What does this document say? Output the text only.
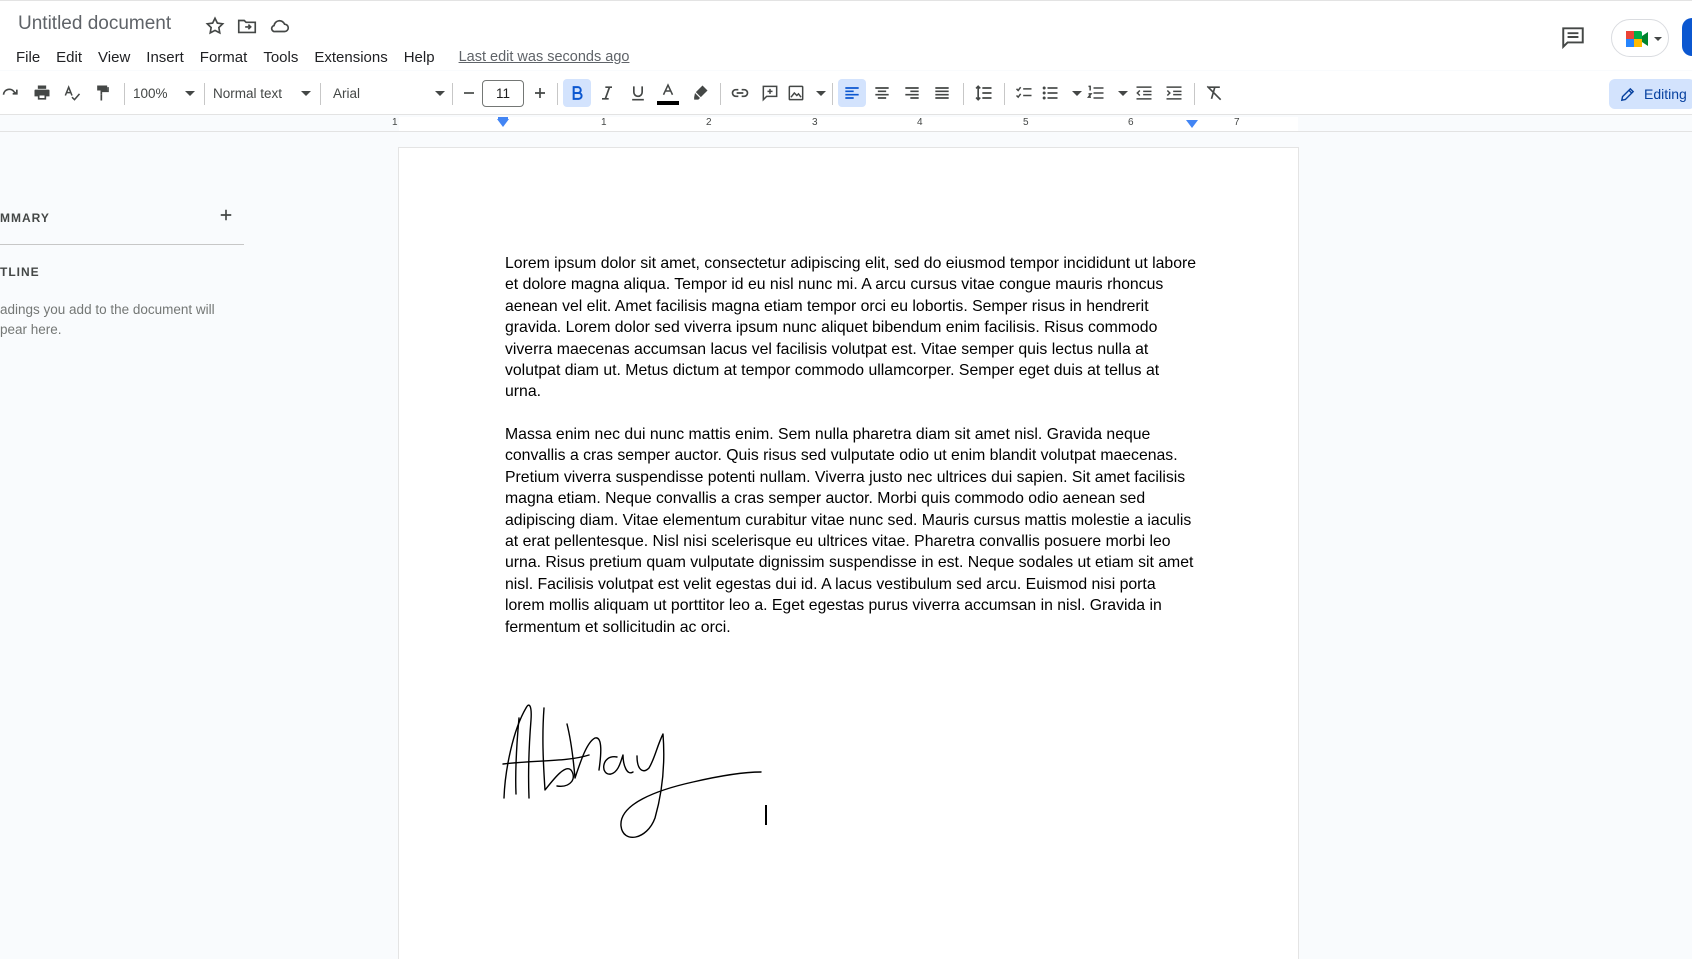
Untitled document
File	Edit	View	Insert	Format	Tools	Extensions	Help	Last edit was seconds ago
100%	Normal text	Arial	Editing
11
1	1	2	3	4	5	6	7
MMARY
TLINE
adings you add to the document will
pear here.

Lorem ipsum dolor sit amet, consectetur adipiscing elit, sed do eiusmod tempor incididunt ut labore et dolore magna aliqua. Tempor id eu nisl nunc mi. A arcu cursus vitae congue mauris rhoncus aenean vel elit. Amet facilisis magna etiam tempor orci eu lobortis. Semper risus in hendrerit gravida. Lorem dolor sed viverra ipsum nunc aliquet bibendum enim facilisis. Risus commodo viverra maecenas accumsan lacus vel facilisis volutpat est. Vitae semper quis lectus nulla at volutpat diam ut. Metus dictum at tempor commodo ullamcorper. Semper eget duis at tellus at urna.

Massa enim nec dui nunc mattis enim. Sem nulla pharetra diam sit amet nisl. Gravida neque convallis a cras semper auctor. Quis risus sed vulputate odio ut enim blandit volutpat maecenas. Pretium viverra suspendisse potenti nullam. Viverra justo nec ultrices dui sapien. Sit amet facilisis magna etiam. Neque convallis a cras semper auctor. Morbi quis commodo odio aenean sed adipiscing diam. Vitae elementum curabitur vitae nunc sed. Mauris cursus mattis molestie a iaculis at erat pellentesque. Nisl nisi scelerisque eu ultrices vitae. Pharetra convallis posuere morbi leo urna. Risus pretium quam vulputate dignissim suspendisse in est. Neque sodales ut etiam sit amet nisl. Facilisis volutpat est velit egestas dui id. A lacus vestibulum sed arcu. Euismod nisi porta lorem mollis aliquam ut porttitor leo a. Eget egestas purus viverra accumsan in nisl. Gravida in fermentum et sollicitudin ac orci.
